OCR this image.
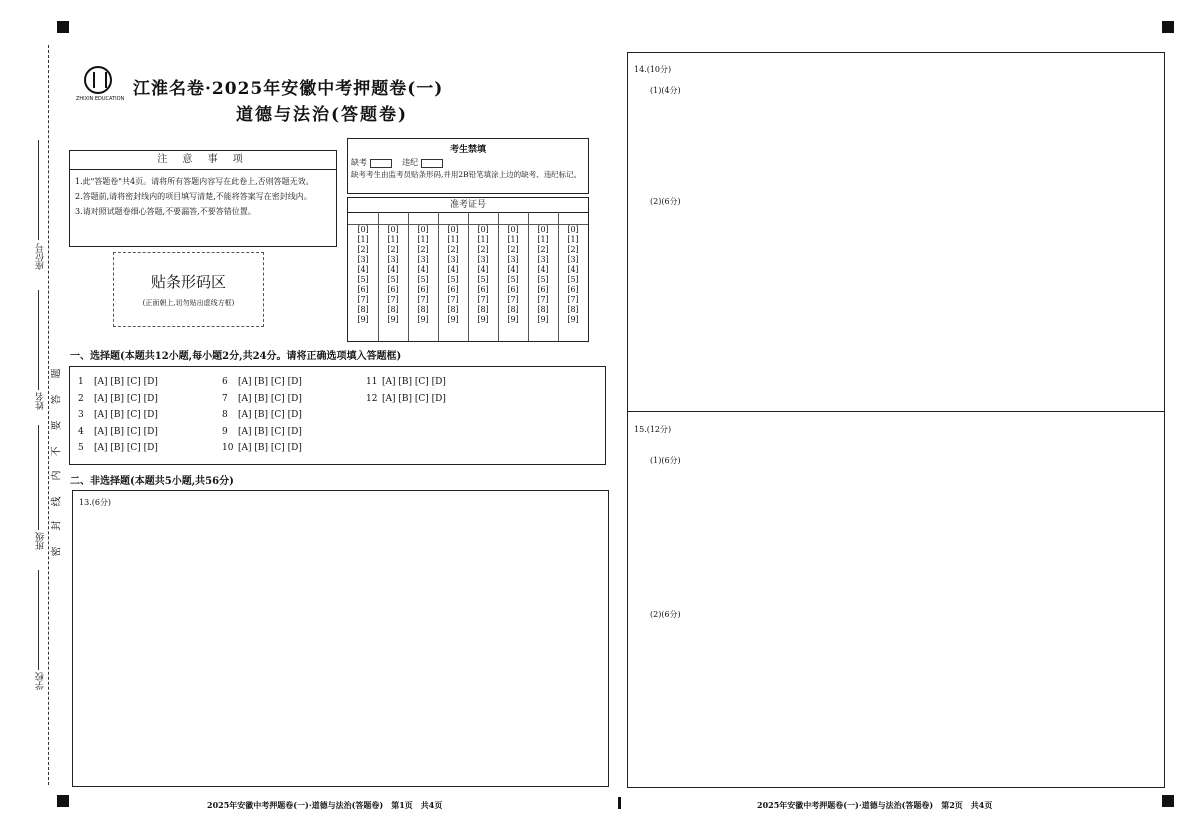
座位号
姓名
班级
学校
题
答
要
不
内
线
封
密
ZHIXIN EDUCATION 江淮名卷·2025年安徽中考押题卷(一)
道德与法治(答题卷)
注 意 事 项
1.此"答题卷"共4页。请将所有答题内容写在此卷上,否则答题无效。
2.答题前,请将密封线内的项目填写清楚,不能将答案写在密封线内。
3.请对照试题卷细心答题,不要漏答,不要答错位置。
贴条形码区
(正面朝上,切勿贴出虚线方框)
考生禁填
缺考	违纪
缺考考生由监考员贴条形码,并用2B铅笔填涂上边的缺考、违纪标记。
准考证号
[0]
[1]
[2]
[3]
[4]
[5]
[6]
[7]
[8]
[9]
[0]
[1]
[2]
[3]
[4]
[5]
[6]
[7]
[8]
[9]
[0]
[1]
[2]
[3]
[4]
[5]
[6]
[7]
[8]
[9]
[0]
[1]
[2]
[3]
[4]
[5]
[6]
[7]
[8]
[9]
[0]
[1]
[2]
[3]
[4]
[5]
[6]
[7]
[8]
[9]
[0]
[1]
[2]
[3]
[4]
[5]
[6]
[7]
[8]
[9]
[0]
[1]
[2]
[3]
[4]
[5]
[6]
[7]
[8]
[9]
[0]
[1]
[2]
[3]
[4]
[5]
[6]
[7]
[8]
[9]
一、选择题(本题共12小题,每小题2分,共24分。请将正确选项填入答题框)
1 [A] [B] [C] [D]
2 [A] [B] [C] [D]
3 [A] [B] [C] [D]
4 [A] [B] [C] [D]
5 [A] [B] [C] [D]
6 [A] [B] [C] [D]
7 [A] [B] [C] [D]
8 [A] [B] [C] [D]
9 [A] [B] [C] [D]
10 [A] [B] [C] [D]
11 [A] [B] [C] [D]
12 [A] [B] [C] [D]
二、非选择题(本题共5小题,共56分)
13.(6分)
14.(10分)
(1)(4分)
(2)(6分)
15.(12分)
(1)(6分)
(2)(6分)
2025年安徽中考押题卷(一)·道德与法治(答题卷)　第1页　共4页	2025年安徽中考押题卷(一)·道德与法治(答题卷)　第2页　共4页
